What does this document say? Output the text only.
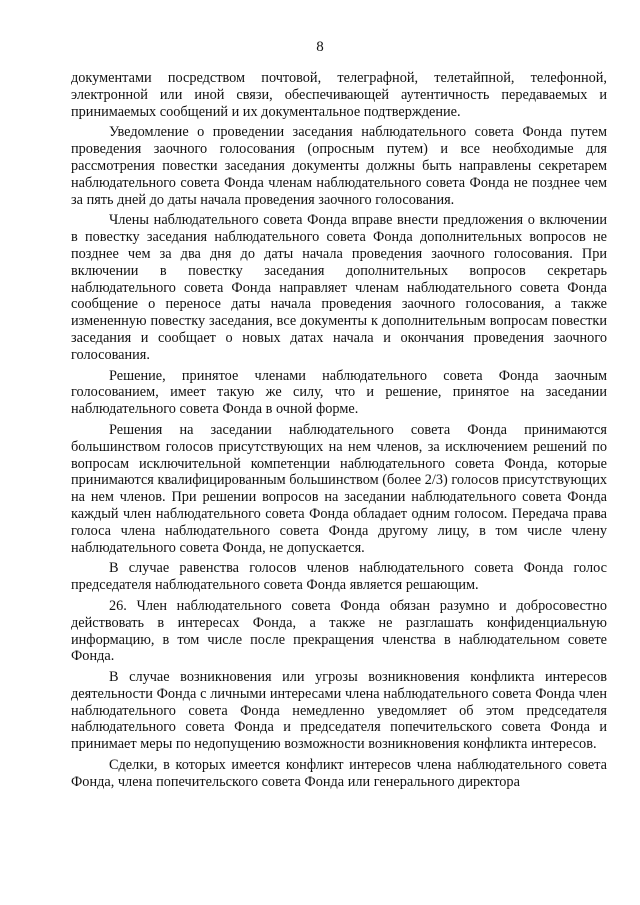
8

документами посредством почтовой, телеграфной, телетайпной, телефонной, электронной или иной связи, обеспечивающей аутентичность передаваемых и принимаемых сообщений и их документальное подтверждение.

Уведомление о проведении заседания наблюдательного совета Фонда путем проведения заочного голосования (опросным путем) и все необходимые для рассмотрения повестки заседания документы должны быть направлены секретарем наблюдательного совета Фонда членам наблюдательного совета Фонда не позднее чем за пять дней до даты начала проведения заочного голосования.

Члены наблюдательного совета Фонда вправе внести предложения о включении в повестку заседания наблюдательного совета Фонда дополнительных вопросов не позднее чем за два дня до даты начала проведения заочного голосования. При включении в повестку заседания дополнительных вопросов секретарь наблюдательного совета Фонда направляет членам наблюдательного совета Фонда сообщение о переносе даты начала проведения заочного голосования, а также измененную повестку заседания, все документы к дополнительным вопросам повестки заседания и сообщает о новых датах начала и окончания проведения заочного голосования.

Решение, принятое членами наблюдательного совета Фонда заочным голосованием, имеет такую же силу, что и решение, принятое на заседании наблюдательного совета Фонда в очной форме.

Решения на заседании наблюдательного совета Фонда принимаются большинством голосов присутствующих на нем членов, за исключением решений по вопросам исключительной компетенции наблюдательного совета Фонда, которые принимаются квалифицированным большинством (более 2/3) голосов присутствующих на нем членов. При решении вопросов на заседании наблюдательного совета Фонда каждый член наблюдательного совета Фонда обладает одним голосом. Передача права голоса члена наблюдательного совета Фонда другому лицу, в том числе члену наблюдательного совета Фонда, не допускается.

В случае равенства голосов членов наблюдательного совета Фонда голос председателя наблюдательного совета Фонда является решающим.

26. Член наблюдательного совета Фонда обязан разумно и добросовестно действовать в интересах Фонда, а также не разглашать конфиденциальную информацию, в том числе после прекращения членства в наблюдательном совете Фонда.

В случае возникновения или угрозы возникновения конфликта интересов деятельности Фонда с личными интересами члена наблюдательного совета Фонда член наблюдательного совета Фонда немедленно уведомляет об этом председателя наблюдательного совета Фонда и председателя попечительского совета Фонда и принимает меры по недопущению возможности возникновения конфликта интересов.

Сделки, в которых имеется конфликт интересов члена наблюдательного совета Фонда, члена попечительского совета Фонда или генерального директора
